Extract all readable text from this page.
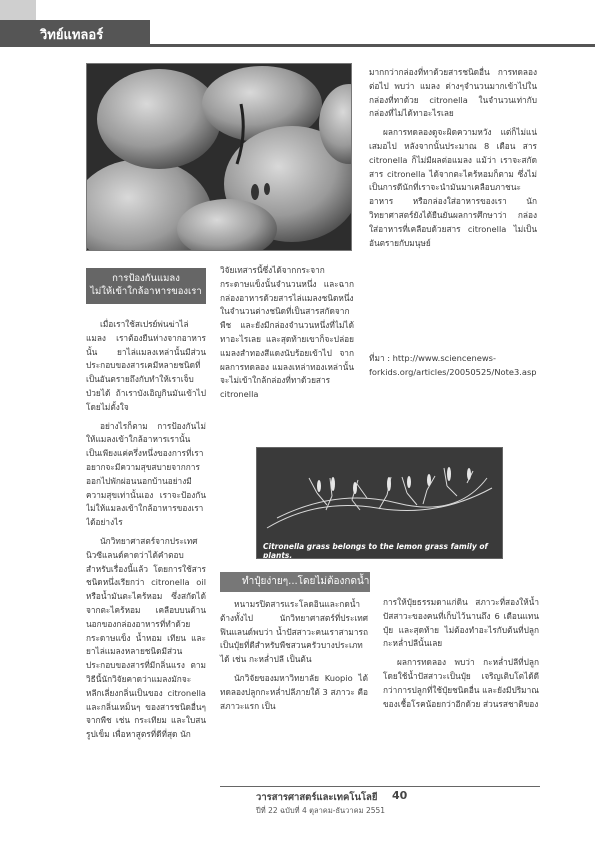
วิทย์แทลอร์

มากกว่ากล่องที่ทาด้วยสารชนิดอื่น การทดลองต่อไป พบว่า แมลง ต่างๆจำนวนมากเข้าไปในกล่องที่ทาด้วย citronella ในจำนวนเท่ากับกล่องที่ไม่ได้ทาอะไรเลย

ผลการทดลองดูจะผิดความหวัง แต่ก็ไม่แน่เสมอไป หลังจากนั้นประมาณ 8 เดือน สาร citronella ก็ไม่มีผลต่อแมลง แม้ว่า เราจะสกัดสาร citronella ได้จากตะไคร้หอมก็ตาม ซึ่งไม่เป็นการดีนักที่เราจะนำมันมาเคลือบภาชนะอาหาร หรือกล่องใส่อาหารของเรา นักวิทยาศาสตร์ยังได้ยืนยันผลการศึกษาว่า กล่องใส่อาหารที่เคลือบด้วยสาร citronella ไม่เป็นอันตรายกับมนุษย์

ที่มา : http://www.sciencenews-forkids.org/articles/20050525/Note3.asp
การป้องกันแมลง
ไม่ให้เข้าใกล้อาหารของเรา

เมื่อเราใช้สเปรย์พ่นฆ่าไล่แมลง เราต้องยืนห่างจากอาหารนั้น ยาไล่แมลงเหล่านั้นมีส่วนประกอบของสารเคมีหลายชนิดที่เป็นอันตรายถึงกับทำให้เราเจ็บป่วยได้ ถ้าเราบังเอิญกินมันเข้าไปโดยไม่ตั้งใจ

อย่างไรก็ตาม การป้องกันไม่ให้แมลงเข้าใกล้อาหารเรานั้น เป็นเพียงแค่ครึ่งหนึ่งของการที่เราอยากจะมีความสุขสบายจากการออกไปพักผ่อนนอกบ้านอย่างมีความสุขเท่านั้นเอง เราจะป้องกันไม่ให้แมลงเข้าใกล้อาหารของเราได้อย่างไร

นักวิทยาศาสตร์จากประเทศนิวซีแลนด์คาดว่าได้คำตอบสำหรับเรื่องนี้แล้ว โดยการใช้สารชนิดหนึ่งเรียกว่า citronella oil หรือน้ำมันตะไคร้หอม ซึ่งสกัดได้จากตะไคร้หอม เคลือบบนด้านนอกของกล่องอาหารที่ทำด้วยกระดาษแข็ง น้ำหอม เทียน และยาไล่แมลงหลายชนิดมีส่วนประกอบของสารที่มีกลิ่นแรง ตามวิธีนี้นักวิจัยคาดว่าแมลงมักจะหลีกเลี่ยงกลิ่นเป็นของ citronella และกลิ่นเหม็นๆ ของสารชนิดอื่นๆ จากพืช เช่น กระเทียม และใบสนรูปเข็ม เพื่อหาสูตรที่ดีที่สุด นัก

วิจัยเทสารนี้ซึ่งได้จากกระจากกระดาษแข็งนั้นจำนวนหนึ่ง และฉากกล่องอาหารด้วยสารไล่แมลงชนิดหนึ่งในจำนวนต่างชนิดที่เป็นสารสกัดจากพืช และยังมีกล่องจำนวนหนึ่งที่ไม่ได้ทาอะไรเลย และสุดท้ายเขาก็จะปล่อยแมลงสำทองสีแดงนับร้อยเข้าไป จากผลการทดลอง แมลงเหล่าทองเหล่านั้นจะไม่เข้าใกล้กล่องที่ทาด้วยสาร citronella

Citronella grass belongs to the lemon grass family of plants.
ทำปุ๋ยง่ายๆ...โดยไม่ต้องกดน้ำ

หนามรปิตสารแระโลดอินและกดน้ำต้างทั้งไป นักวิทยาศาสตร์ที่ประเทศฟินแลนด์พบว่า น้ำปัสสาวะคนเราสามารถเป็นปุ๋ยที่ดีสำหรับพืชสวนครัวบางประเภทได้ เช่น กะหล่ำปลี เป็นต้น

นักวิจัยของมหาวิทยาลัย Kuopio ได้ทดลองปลูกกะหล่ำปลีภายใต้ 3 สภาวะ คือ สภาวะแรก เป็น

การให้ปุ๋ยธรรมดาแก่ดิน สภาวะที่สองให้น้ำปัสสาวะของคนที่เก็บไว้นานถึง 6 เดือนแทนปุ๋ย และสุดท้าย ไม่ต้องทำอะไรกับต้นที่ปลูกกะหล่ำปลีนั้นเลย

ผลการทดลอง พบว่า กะหล่ำปลีที่ปลูกโดยใช้น้ำปัสสาวะเป็นปุ๋ย เจริญเติบโตได้ดีกว่าการปลูกที่ใช้ปุ๋ยชนิดอื่น และยังมีปริมาณของเชื้อโรคน้อยกว่าอีกด้วย ส่วนรสชาติของ

วารสารศาสตร์และเทคโนโลยี 40
ปีที่ 22 ฉบับที่ 4 ตุลาคม-ธันวาคม 2551
